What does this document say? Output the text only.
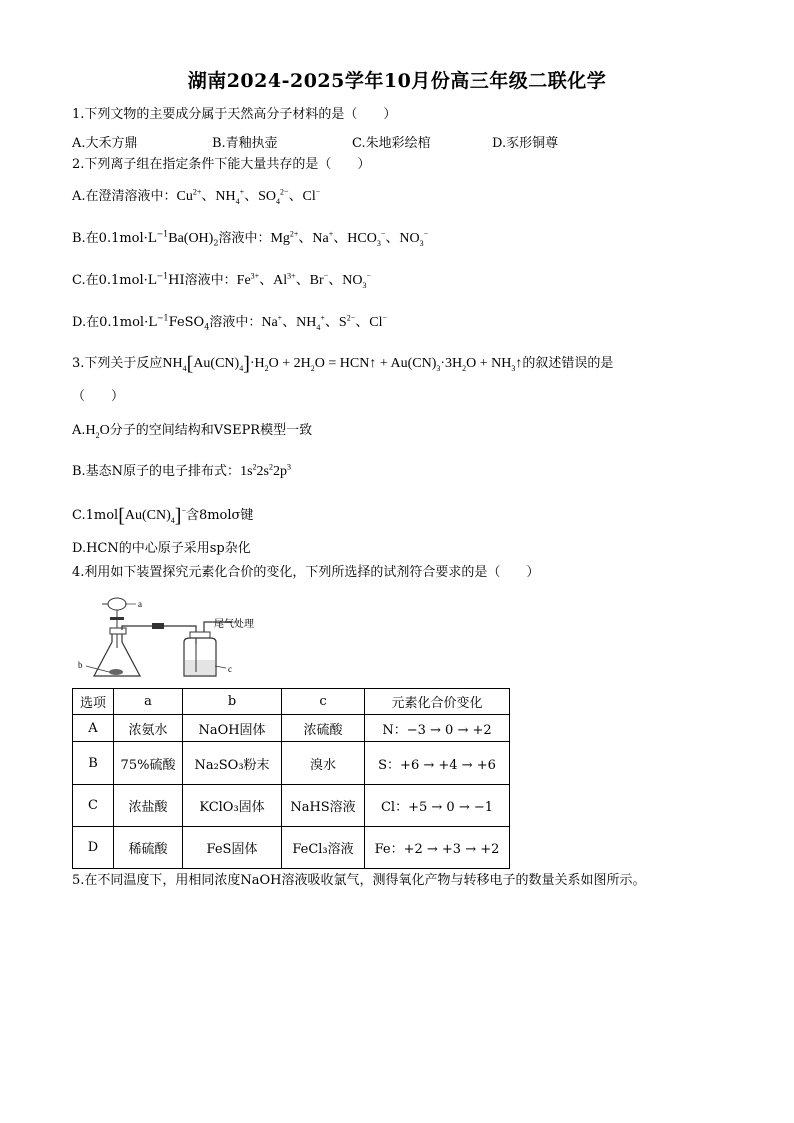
湖南2024-2025学年10月份高三年级二联化学
1.下列文物的主要成分属于天然高分子材料的是（　　）
A.大禾方鼎	B.青釉执壶	C.朱地彩绘棺	D.豕形铜尊
2.下列离子组在指定条件下能大量共存的是（　　）
A.在澄清溶液中：$Cu^{2+}$、$NH_4^+$、$SO_4^{2-}$、Cl−
B.在$0.1mol\cdot L^{-1}Ba(OH)_2$溶液中：$Mg^{2+}$、Na+、$HCO_3^-$、$NO_3^-$
C.在$0.1mol\cdot L^{-1}HI$溶液中：$Fe^{3+}$、$Al^{3+}$、Br−、$NO_3^-$
D.在$0.1mol\cdot L^{-1}FeSO_4$溶液中：Na+、$NH_4^+$、$S^{2-}$、Cl−
3.下列关于反应$NH_4[Au(CN)_4]\cdot H_2O + 2H_2O$ = HCN↑ + $Au(CN)_3\cdot 3H_2O$ + $NH_3↑$的叙述错误的是
（　　）
$A.H_2O$分子的空间结构和VSEPR模型一致
B.基态N原子的电子排布式：$1s^22s^22p^3$
$C.1mol[Au(CN)_4]^-$含8molσ键
D.HCN的中心原子采用sp杂化
4.利用如下装置探究元素化合价的变化，下列所选择的试剂符合要求的是（　　）
a
b
尾气处理
c
选项	a	b	c	元素化合价变化
A	浓氨水	NaOH固体	浓硫酸	N：−3 → 0 → +2
B	75%硫酸	Na₂SO₃粉末	溴水	S：+6 → +4 → +6
C	浓盐酸	KClO₃固体	NaHS溶液	Cl：+5 → 0 → −1
D	稀硫酸	FeS固体	FeCl₃溶液	Fe：+2 → +3 → +2
5.在不同温度下，用相同浓度NaOH溶液吸收氯气，测得氧化产物与转移电子的数量关系如图所示。
